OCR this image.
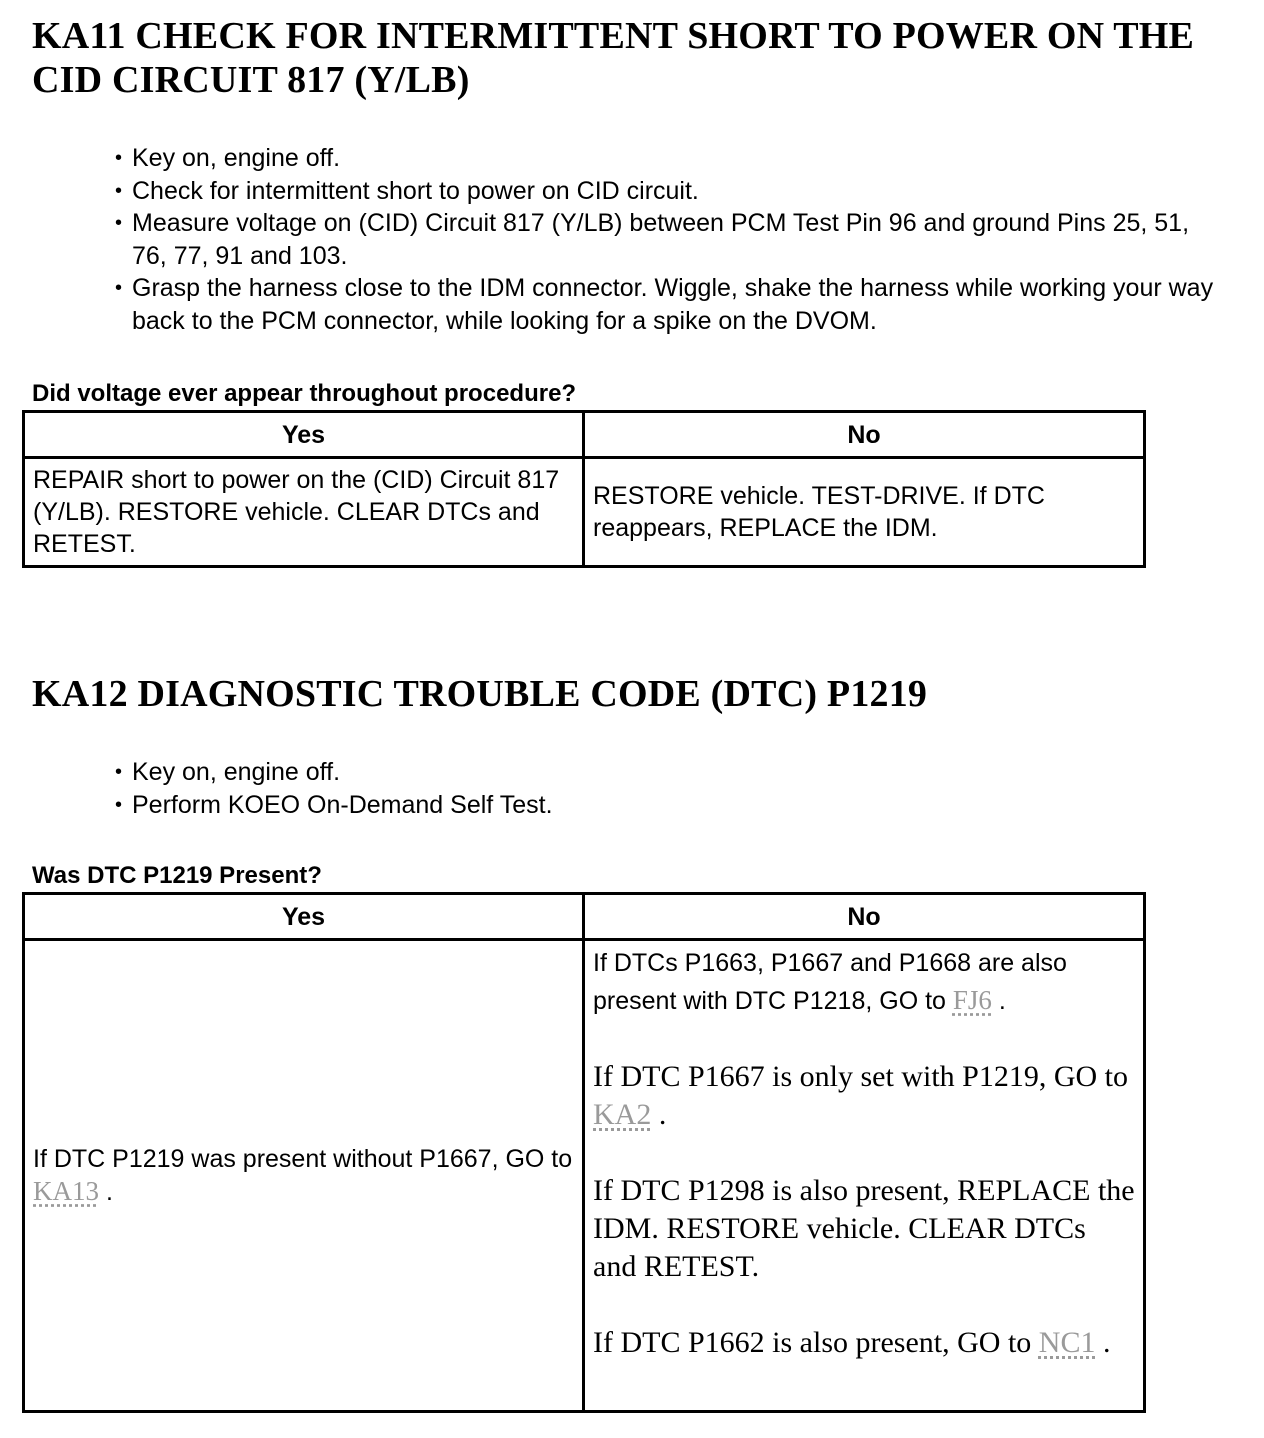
KA11 CHECK FOR INTERMITTENT SHORT TO POWER ON THE CID CIRCUIT 817 (Y/LB)
• Key on, engine off.
• Check for intermittent short to power on CID circuit.
• Measure voltage on (CID) Circuit 817 (Y/LB) between PCM Test Pin 96 and ground Pins 25, 51, 76, 77, 91 and 103.
• Grasp the harness close to the IDM connector. Wiggle, shake the harness while working your way back to the PCM connector, while looking for a spike on the DVOM.

Did voltage ever appear throughout procedure?

Yes	No
REPAIR short to power on the (CID) Circuit 817 (Y/LB). RESTORE vehicle. CLEAR DTCs and RETEST.	RESTORE vehicle. TEST-DRIVE. If DTC reappears, REPLACE the IDM.
KA12 DIAGNOSTIC TROUBLE CODE (DTC) P1219
• Key on, engine off.
• Perform KOEO On-Demand Self Test.

Was DTC P1219 Present?

Yes	No
If DTC P1219 was present without P1667, GO to KA13 .	If DTCs P1663, P1667 and P1668 are also present with DTC P1218, GO to FJ6 .
If DTC P1667 is only set with P1219, GO to KA2 .
If DTC P1298 is also present, REPLACE the IDM. RESTORE vehicle. CLEAR DTCs and RETEST.
If DTC P1662 is also present, GO to NC1 .
